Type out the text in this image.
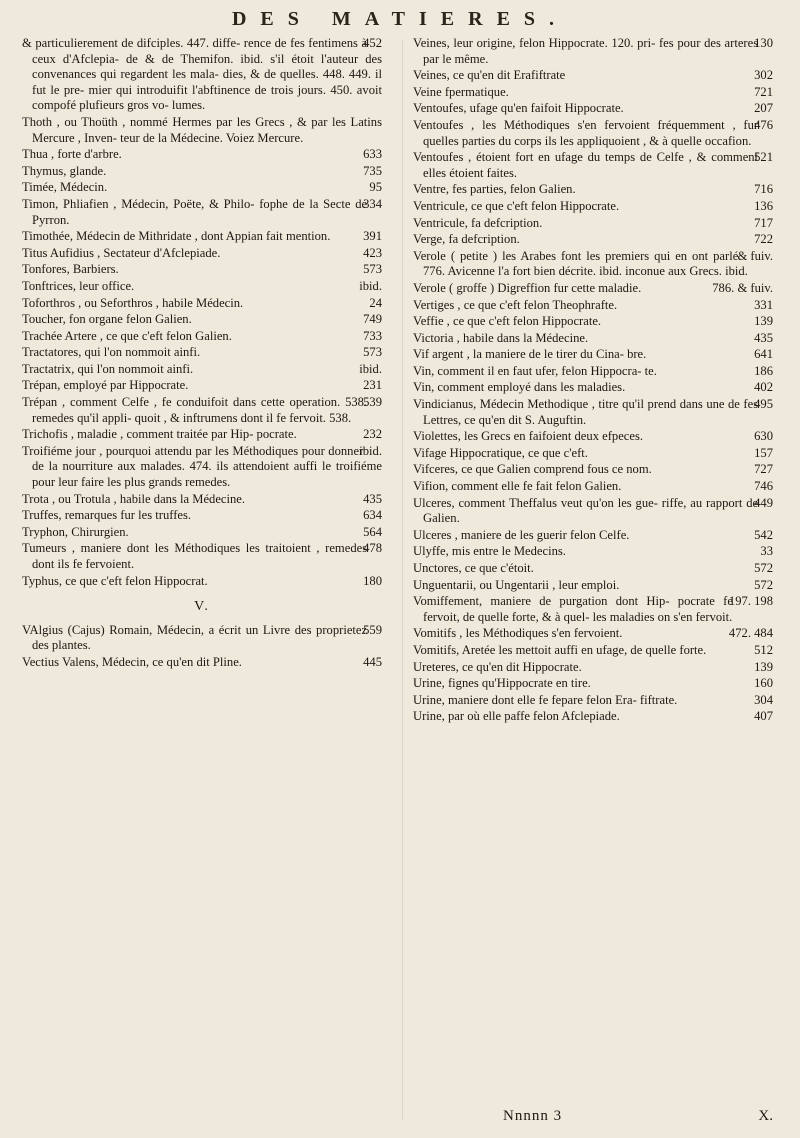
DES MATIERES.
452
& particulierement de difciples. 447. diffe- rence de fes fentimens à ceux d'Afclepia- de & de Themifon. ibid. s'il étoit l'auteur des convenances qui regardent les mala- dies, & de quelles. 448. 449. il fut le pre- mier qui introduifit l'abftinence de trois jours. 450. avoit compofé plufieurs gros vo- lumes.
Thoth , ou Thoüth , nommé Hermes par les Grecs , & par les Latins Mercure , Inven- teur de la Médecine. Voiez Mercure.
633
Thua , forte d'arbre.
735
Thymus, glande.
95
Timée, Médecin.
334
Timon, Phliafien , Médecin, Poëte, & Philo- fophe de la Secte de Pyrron.
391
Timothée, Médecin de Mithridate , dont Appian fait mention.
423
Titus Aufidius , Sectateur d'Afclepiade.
573
Tonfores, Barbiers.
ibid.
Tonftrices, leur office.
24
Toforthros , ou Seforthros , habile Médecin.
749
Toucher, fon organe felon Galien.
733
Trachée Artere , ce que c'eft felon Galien.
573
Tractatores, qui l'on nommoit ainfi.
ibid.
Tractatrix, qui l'on nommoit ainfi.
231
Trépan, employé par Hippocrate.
539
Trépan , comment Celfe , fe conduifoit dans cette operation. 538. remedes qu'il appli- quoit , & inftrumens dont il fe fervoit. 538.
232
Trichofis , maladie , comment traitée par Hip- pocrate.
ibid.
Troifiéme jour , pourquoi attendu par les Méthodiques pour donner de la nourriture aux malades. 474. ils attendoient auffi le troifiéme pour leur faire les plus grands remedes.
435
Trota , ou Trotula , habile dans la Médecine.
634
Truffes, remarques fur les truffes.
564
Tryphon, Chirurgien.
478
Tumeurs , maniere dont les Méthodiques les traitoient , remedes dont ils fe fervoient.
180
Typhus, ce que c'eft felon Hippocrat.
V.
559
VAlgius (Cajus) Romain, Médecin, a écrit un Livre des proprietez des plantes.
445
Vectius Valens, Médecin, ce qu'en dit Pline.
130
Veines, leur origine, felon Hippocrate. 120. pri- fes pour des arteres par le même.
302
Veines, ce qu'en dit Erafiftrate
721
Veine fpermatique.
207
Ventoufes, ufage qu'en faifoit Hippocrate.
476
Ventoufes , les Méthodiques s'en fervoient fréquemment , fur quelles parties du corps ils les appliquoient , & à quelle occafion.
521
Ventoufes , étoient fort en ufage du temps de Celfe , & comment elles étoient faites.
716
Ventre, fes parties, felon Galien.
136
Ventricule, ce que c'eft felon Hippocrate.
717
Ventricule, fa defcription.
722
Verge, fa defcription.
& fuiv.
Verole ( petite ) les Arabes font les premiers qui en ont parlé. 776. Avicenne l'a fort bien décrite. ibid. inconue aux Grecs. ibid.
786. & fuiv.
Verole ( groffe ) Digreffion fur cette maladie.
331
Vertiges , ce que c'eft felon Theophrafte.
139
Veffie , ce que c'eft felon Hippocrate.
435
Victoria , habile dans la Médecine.
641
Vif argent , la maniere de le tirer du Cina- bre.
186
Vin, comment il en faut ufer, felon Hippocra- te.
402
Vin, comment employé dans les maladies.
495
Vindicianus, Médecin Methodique , titre qu'il prend dans une de fes Lettres, ce qu'en dit S. Auguftin.
630
Violettes, les Grecs en faifoient deux efpeces.
157
Vifage Hippocratique, ce que c'eft.
727
Vifceres, ce que Galien comprend fous ce nom.
746
Vifion, comment elle fe fait felon Galien.
449
Ulceres, comment Theffalus veut qu'on les gue- riffe, au rapport de Galien.
542
Ulceres , maniere de les guerir felon Celfe.
33
Ulyffe, mis entre le Medecins.
572
Unctores, ce que c'étoit.
572
Unguentarii, ou Ungentarii , leur emploi.
197. 198
Vomiffement, maniere de purgation dont Hip- pocrate fe fervoit, de quelle forte, & à quel- les maladies on s'en fervoit.
472. 484
Vomitifs , les Méthodiques s'en fervoient.
512
Vomitifs, Aretée les mettoit auffi en ufage, de quelle forte.
139
Ureteres, ce qu'en dit Hippocrate.
160
Urine, fignes qu'Hippocrate en tire.
304
Urine, maniere dont elle fe fepare felon Era- fiftrate.
407
Urine, par où elle paffe felon Afclepiade.
Nnnnn 3	X.
